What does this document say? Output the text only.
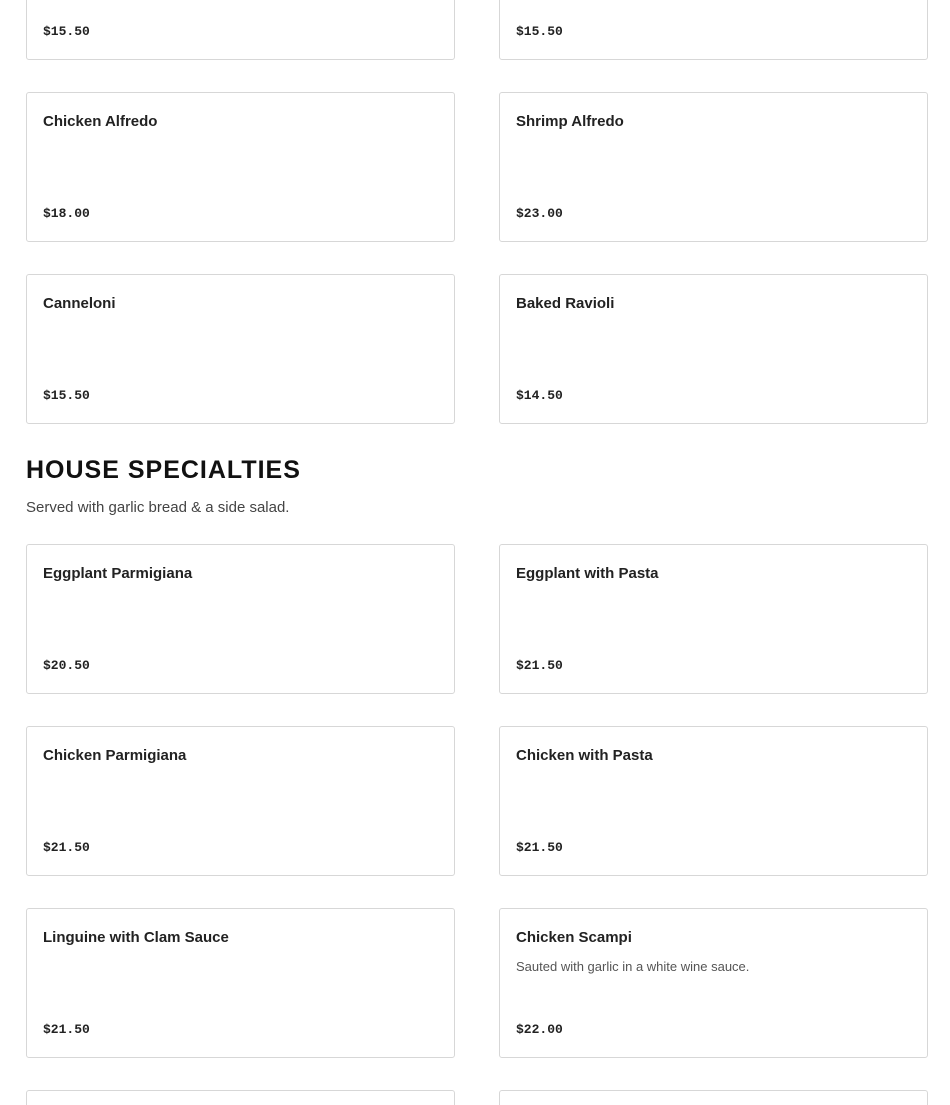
$15.50	$15.50
Chicken Alfredo
$18.00
Shrimp Alfredo
$23.00
Canneloni
$15.50
Baked Ravioli
$14.50
HOUSE SPECIALTIES
Served with garlic bread & a side salad.
Eggplant Parmigiana
$20.50
Eggplant with Pasta
$21.50
Chicken Parmigiana
$21.50
Chicken with Pasta
$21.50
Linguine with Clam Sauce
$21.50
Chicken Scampi
Sauted with garlic in a white wine sauce.
$22.00
